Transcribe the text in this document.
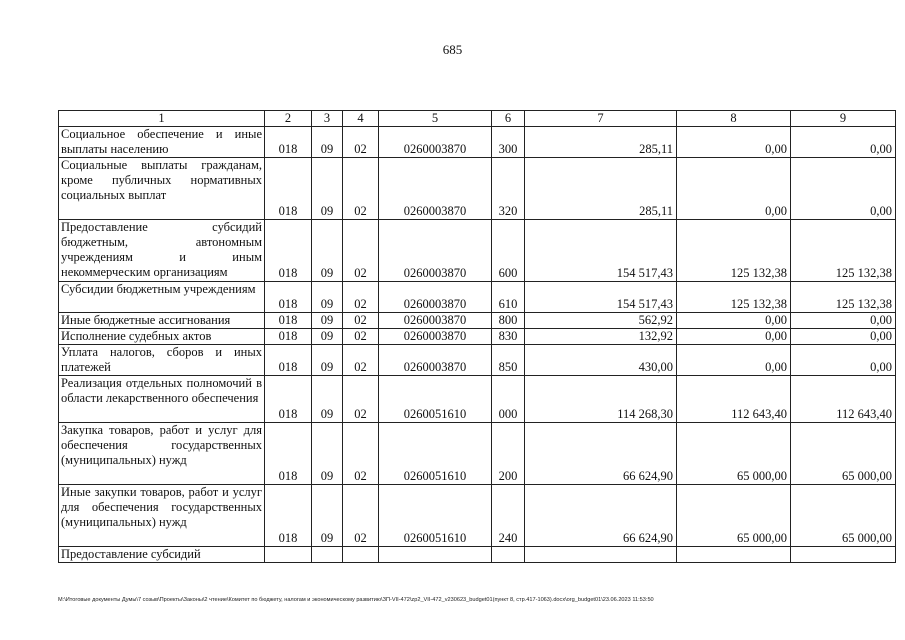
685
1	2	3	4	5	6	7	8	9
Социальное обеспечение и иные выплаты населению	018	09	02	0260003870	300	285,11	0,00	0,00
Социальные выплаты гражданам, кроме публичных нормативных социальных выплат	018	09	02	0260003870	320	285,11	0,00	0,00
Предоставление субсидий бюджетным, автономным учреждениям и иным некоммерческим организациям	018	09	02	0260003870	600	154 517,43	125 132,38	125 132,38
Субсидии бюджетным учреждениям	018	09	02	0260003870	610	154 517,43	125 132,38	125 132,38
Иные бюджетные ассигнования	018	09	02	0260003870	800	562,92	0,00	0,00
Исполнение судебных актов	018	09	02	0260003870	830	132,92	0,00	0,00
Уплата налогов, сборов и иных платежей	018	09	02	0260003870	850	430,00	0,00	0,00
Реализация отдельных полномочий в области лекарственного обеспечения	018	09	02	0260051610	000	114 268,30	112 643,40	112 643,40
Закупка товаров, работ и услуг для обеспечения государственных (муниципальных) нужд	018	09	02	0260051610	200	66 624,90	65 000,00	65 000,00
Иные закупки товаров, работ и услуг для обеспечения государственных (муниципальных) нужд	018	09	02	0260051610	240	66 624,90	65 000,00	65 000,00
Предоставление субсидий								
M:\Итоговые документы Думы\7 созыв\Проекты\Законы\2 чтение\Комитет по бюджету, налогам и экономическому развитию\ЗП-VII-472\zp2_VII-472_v230623_budget01(пункт 8, стр.417-1063).docx\org_budget01\23.06.2023 11:53:50
